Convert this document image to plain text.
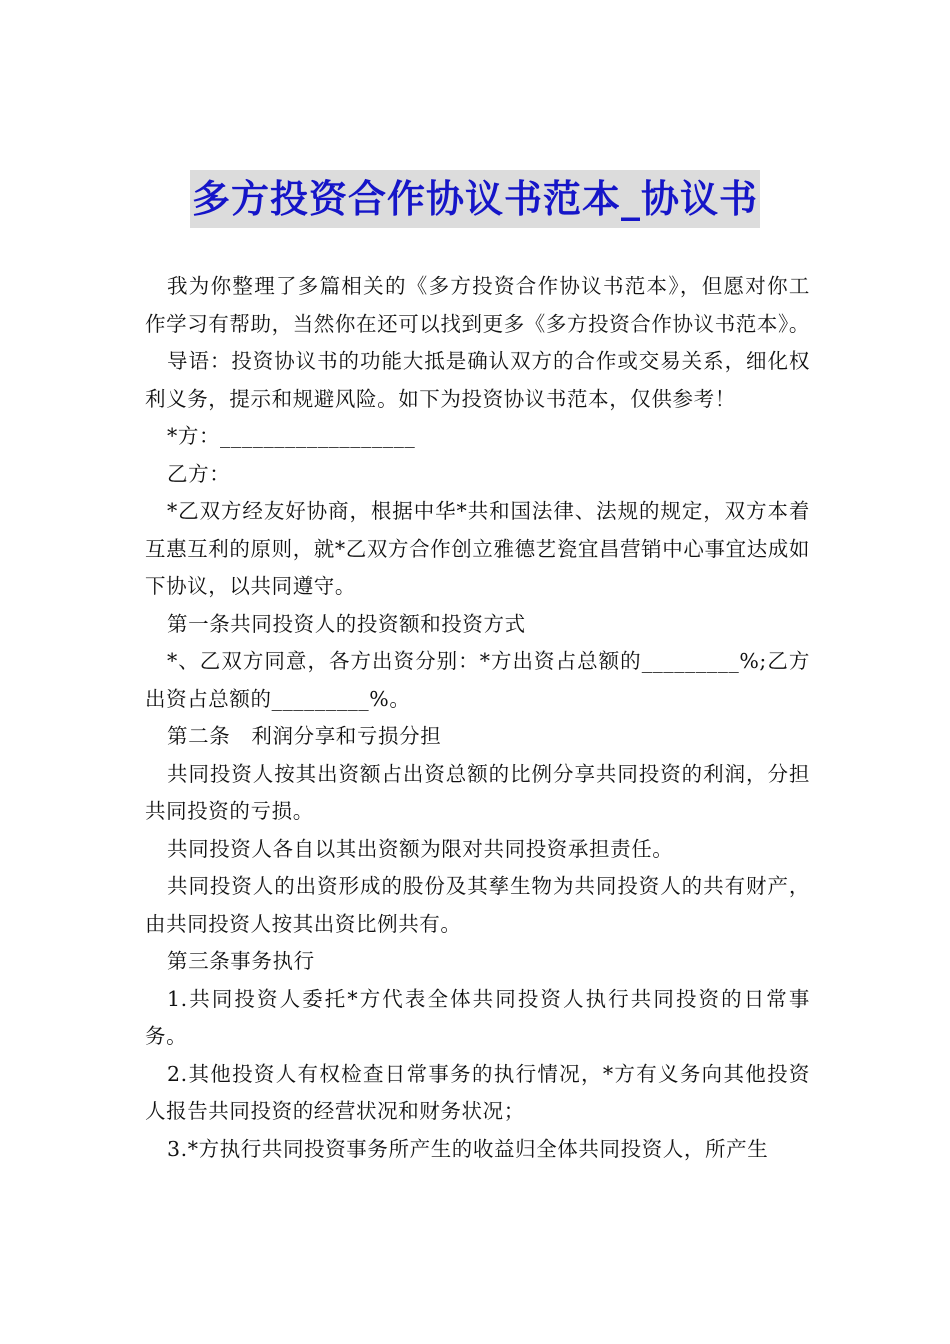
多方投资合作协议书范本_协议书

我为你整理了多篇相关的《多方投资合作协议书范本》，但愿对你工作学习有帮助，当然你在还可以找到更多《多方投资合作协议书范本》。

导语：投资协议书的功能大抵是确认双方的合作或交易关系，细化权利义务，提示和规避风险。如下为投资协议书范本，仅供参考！

*方：__________________

乙方：

*乙双方经友好协商，根据中华*共和国法律、法规的规定，双方本着互惠互利的原则，就*乙双方合作创立雅德艺瓷宜昌营销中心事宜达成如下协议，以共同遵守。

第一条共同投资人的投资额和投资方式

*、乙双方同意，各方出资分别：*方出资占总额的_________%;乙方出资占总额的_________%。

第二条　利润分享和亏损分担

共同投资人按其出资额占出资总额的比例分享共同投资的利润，分担共同投资的亏损。

共同投资人各自以其出资额为限对共同投资承担责任。

共同投资人的出资形成的股份及其孳生物为共同投资人的共有财产，由共同投资人按其出资比例共有。

第三条事务执行

1.共同投资人委托*方代表全体共同投资人执行共同投资的日常事务。

2.其他投资人有权检查日常事务的执行情况，*方有义务向其他投资人报告共同投资的经营状况和财务状况；

3.*方执行共同投资事务所产生的收益归全体共同投资人，所产生
